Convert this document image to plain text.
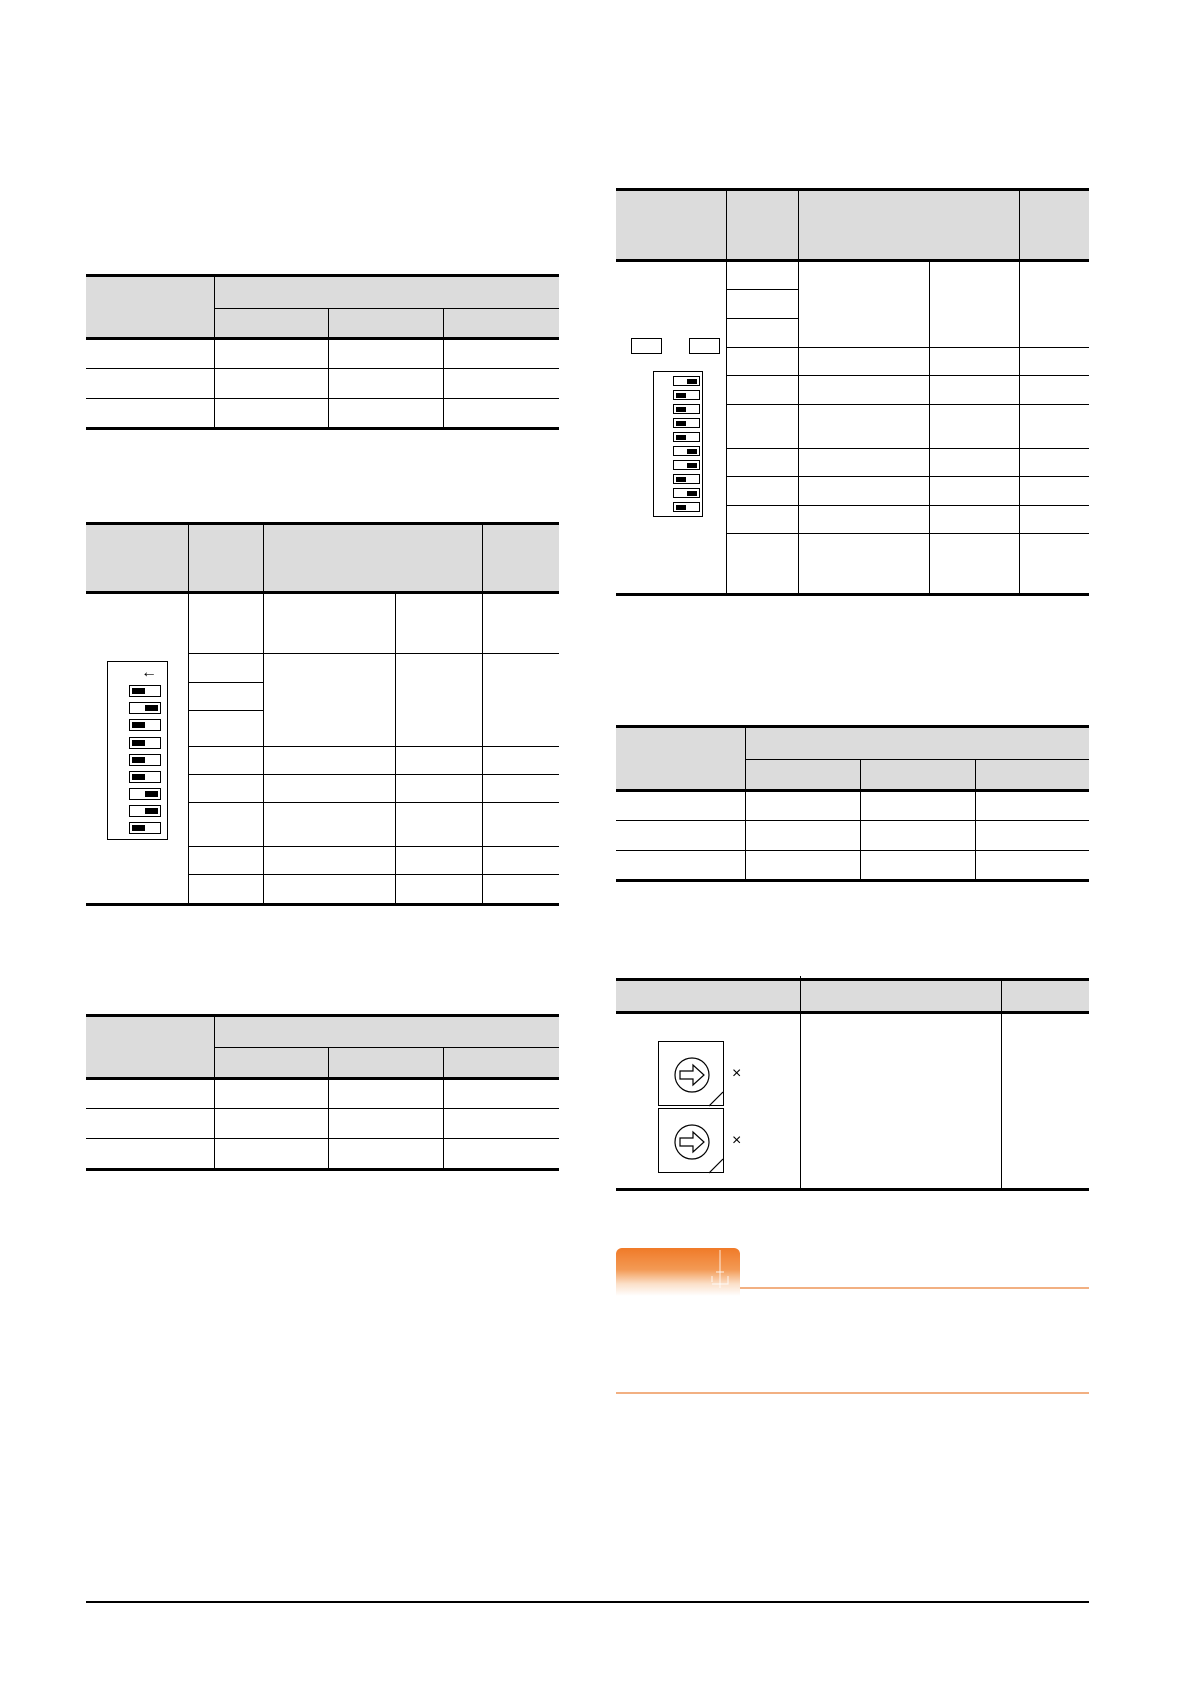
←
×
×
